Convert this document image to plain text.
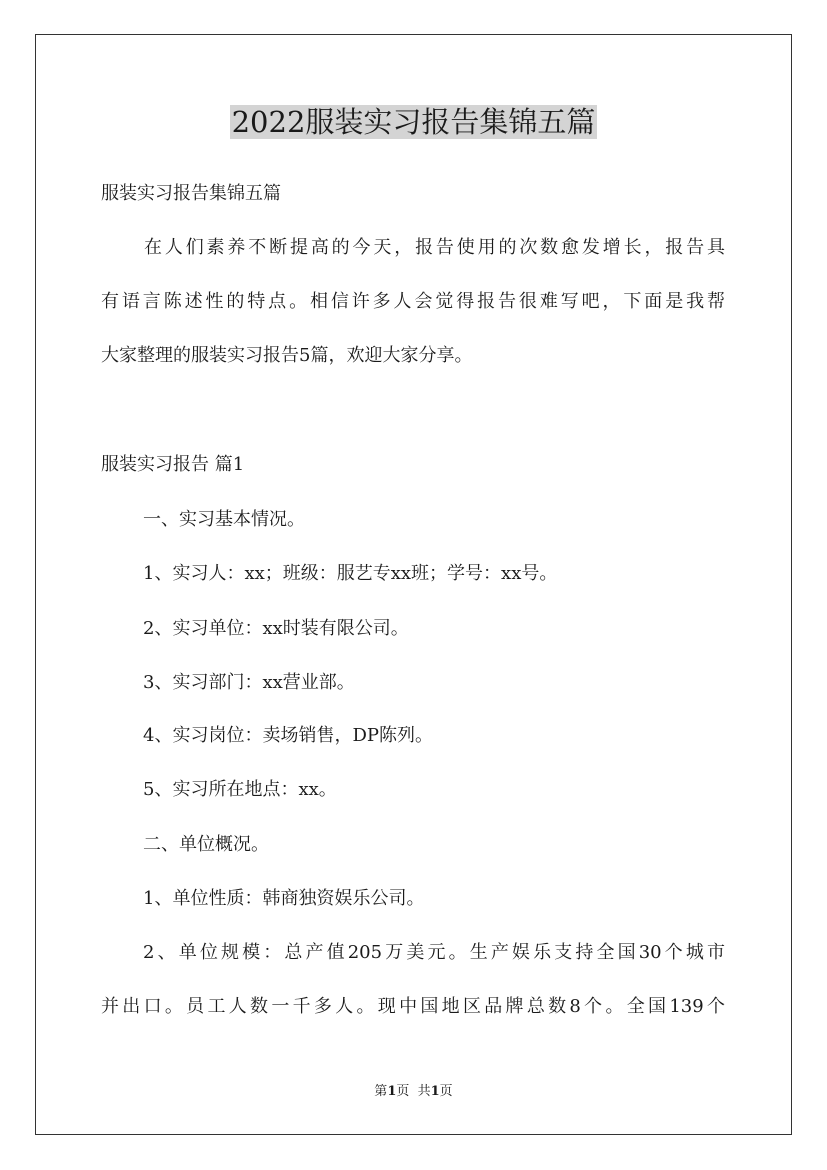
2022服装实习报告集锦五篇
服装实习报告集锦五篇
在人们素养不断提高的今天，报告使用的次数愈发增长，报告具
有语言陈述性的特点。相信许多人会觉得报告很难写吧，下面是我帮
大家整理的服装实习报告5篇，欢迎大家分享。
服装实习报告 篇1
一、实习基本情况。
1、实习人：xx；班级：服艺专xx班；学号：xx号。
2、实习单位：xx时装有限公司。
3、实习部门：xx营业部。
4、实习岗位：卖场销售，DP陈列。
5、实习所在地点：xx。
二、单位概况。
1、单位性质：韩商独资娱乐公司。
2、单位规模：总产值205万美元。生产娱乐支持全国30个城市
并出口。员工人数一千多人。现中国地区品牌总数8个。全国139个
第1页  共1页
